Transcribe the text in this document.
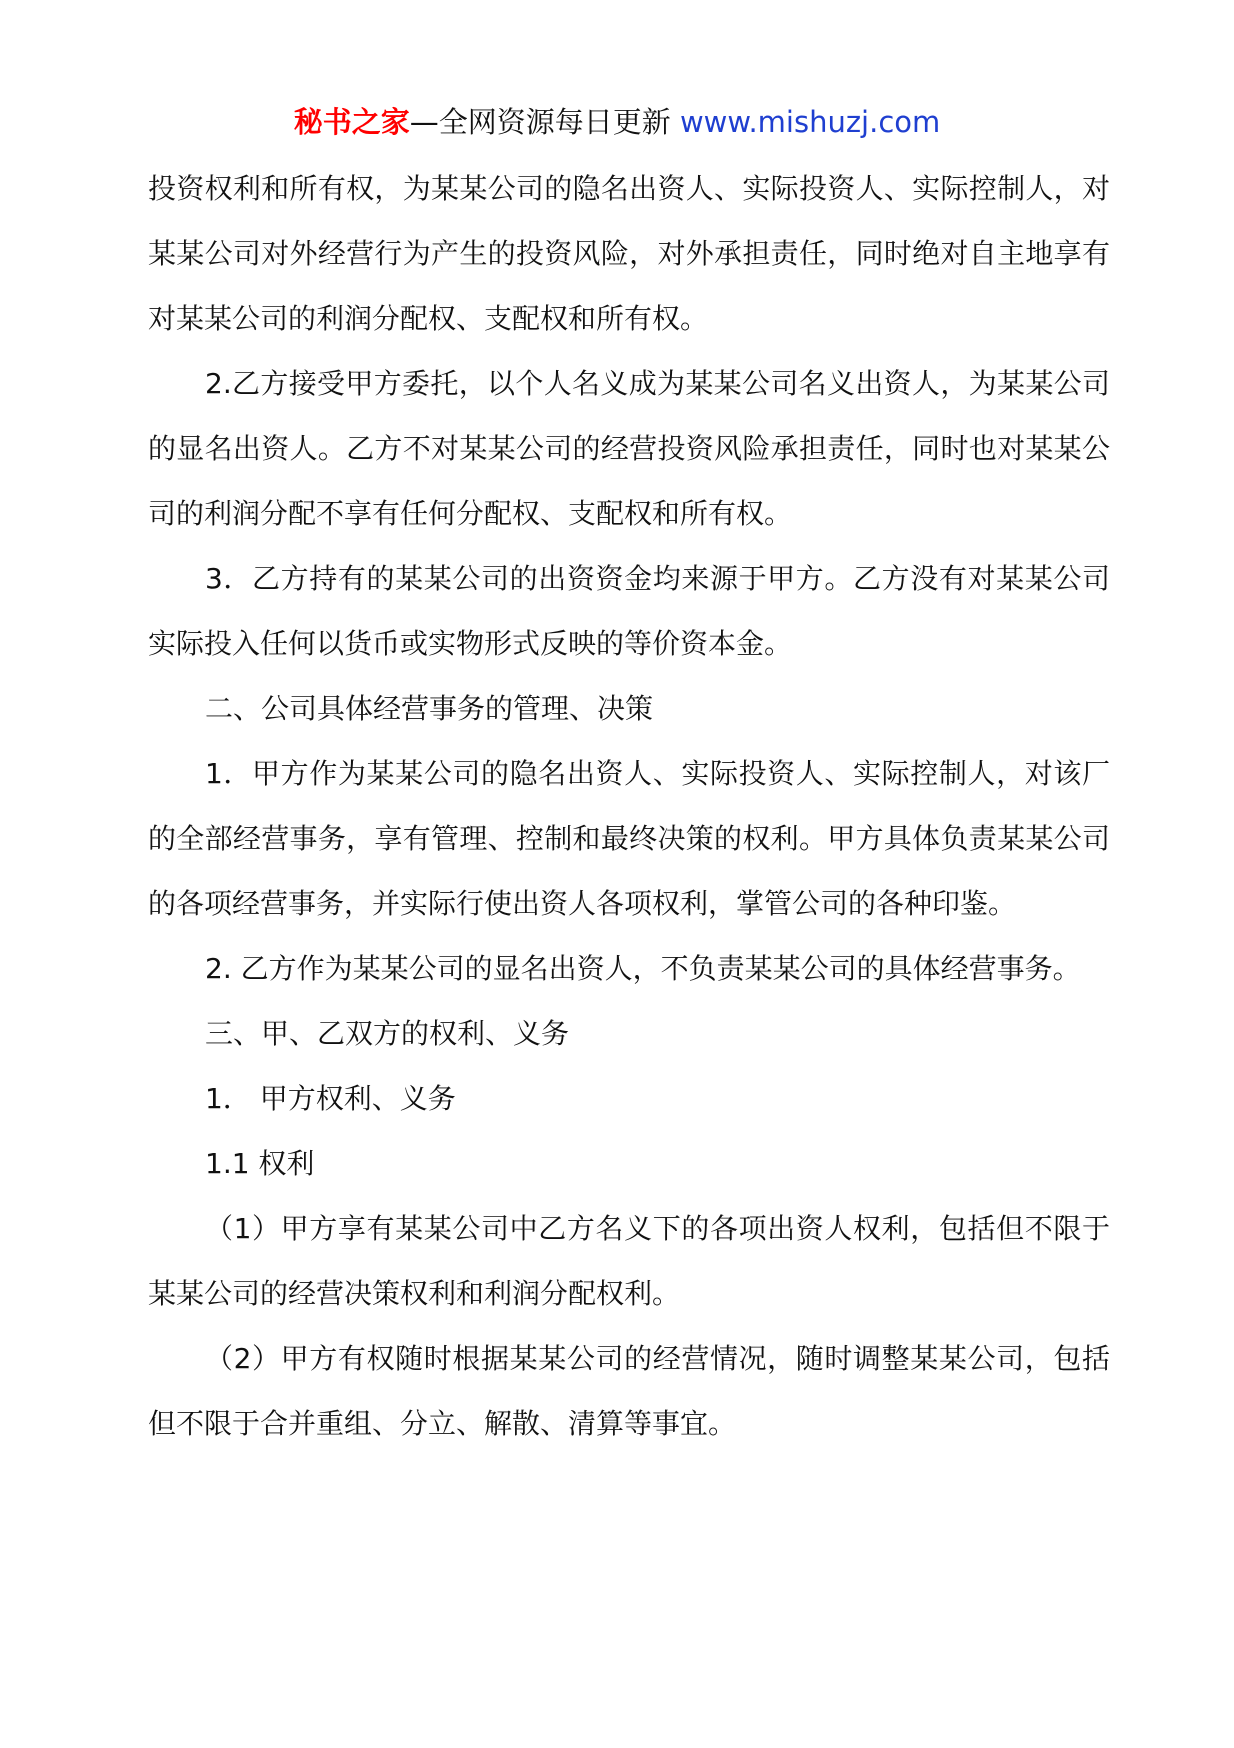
秘书之家—全网资源每日更新 www.mishuzj.com

投资权利和所有权，为某某公司的隐名出资人、实际投资人、实际控制人，对某某公司对外经营行为产生的投资风险，对外承担责任，同时绝对自主地享有对某某公司的利润分配权、支配权和所有权。

2.乙方接受甲方委托，以个人名义成为某某公司名义出资人，为某某公司的显名出资人。乙方不对某某公司的经营投资风险承担责任，同时也对某某公司的利润分配不享有任何分配权、支配权和所有权。

3．乙方持有的某某公司的出资资金均来源于甲方。乙方没有对某某公司实际投入任何以货币或实物形式反映的等价资本金。

二、公司具体经营事务的管理、决策

1．甲方作为某某公司的隐名出资人、实际投资人、实际控制人，对该厂的全部经营事务，享有管理、控制和最终决策的权利。甲方具体负责某某公司的各项经营事务，并实际行使出资人各项权利，掌管公司的各种印鉴。

2. 乙方作为某某公司的显名出资人，不负责某某公司的具体经营事务。

三、甲、乙双方的权利、义务

1． 甲方权利、义务

1.1 权利

（1）甲方享有某某公司中乙方名义下的各项出资人权利，包括但不限于某某公司的经营决策权利和利润分配权利。

（2）甲方有权随时根据某某公司的经营情况，随时调整某某公司，包括但不限于合并重组、分立、解散、清算等事宜。
